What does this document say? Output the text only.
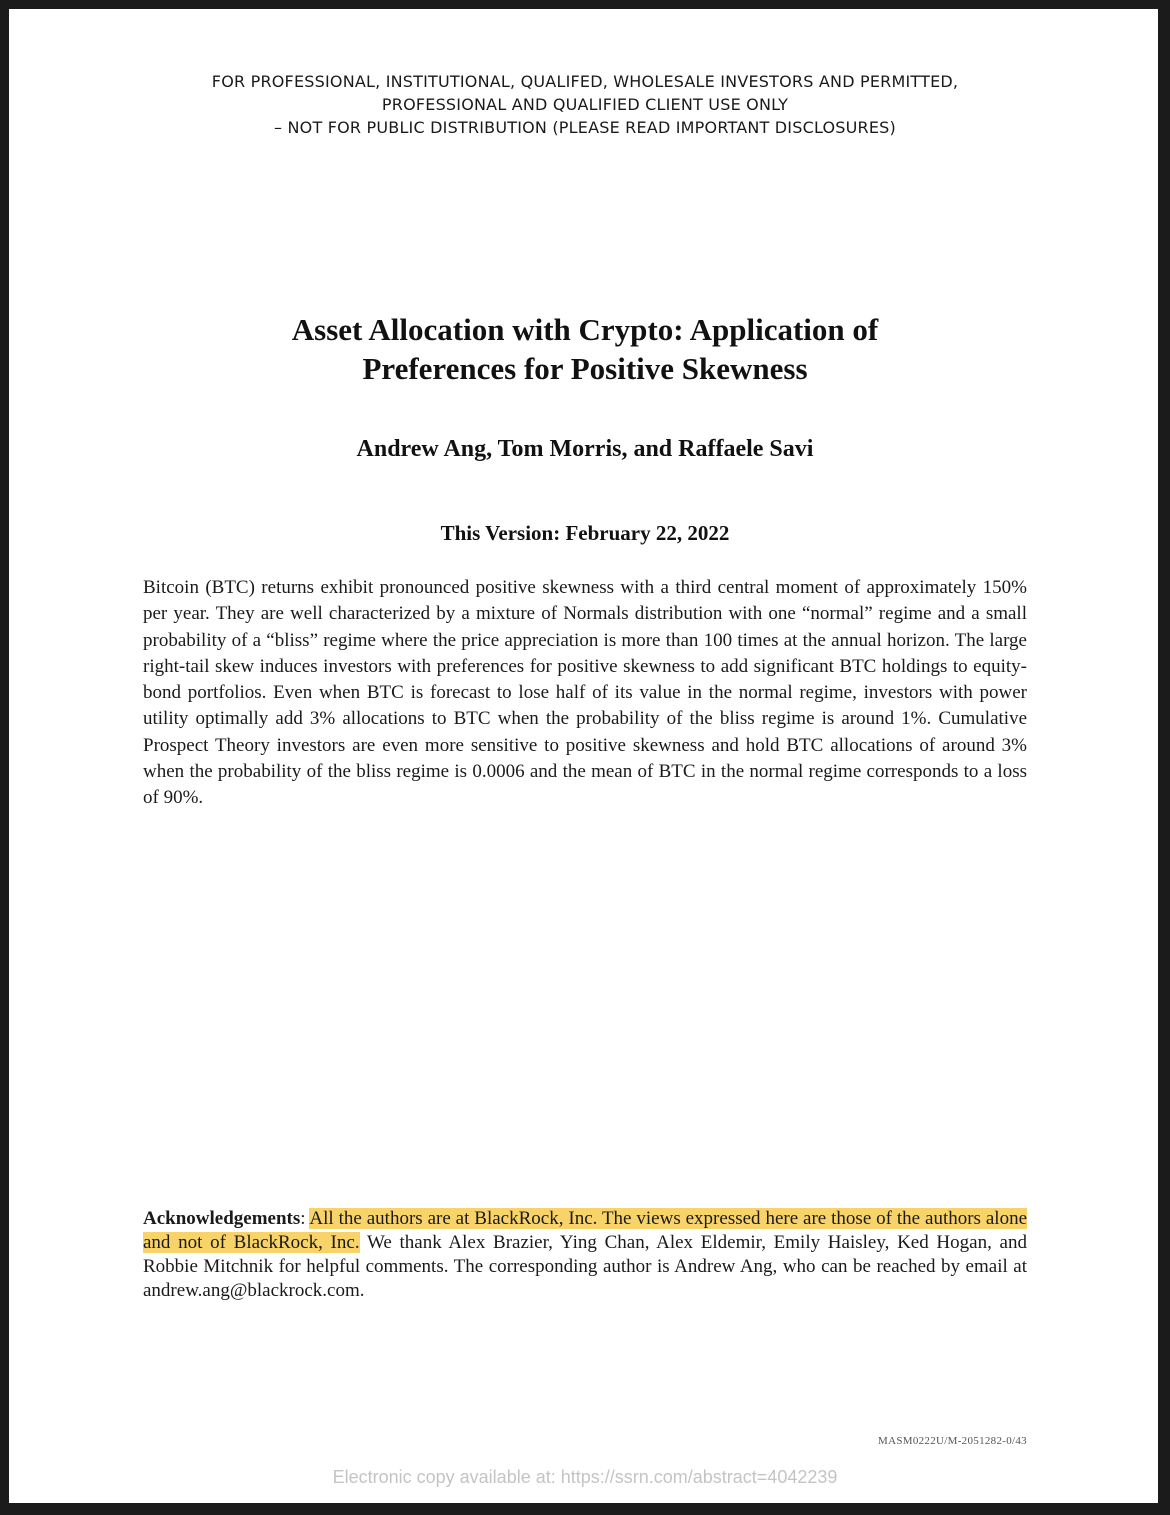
FOR PROFESSIONAL, INSTITUTIONAL, QUALIFED, WHOLESALE INVESTORS AND PERMITTED,
PROFESSIONAL AND QUALIFIED CLIENT USE ONLY
– NOT FOR PUBLIC DISTRIBUTION (PLEASE READ IMPORTANT DISCLOSURES)
Asset Allocation with Crypto: Application of
Preferences for Positive Skewness
Andrew Ang, Tom Morris, and Raffaele Savi
This Version: February 22, 2022
Bitcoin (BTC) returns exhibit pronounced positive skewness with a third central moment of approximately 150% per year. They are well characterized by a mixture of Normals distribution with one “normal” regime and a small probability of a “bliss” regime where the price appreciation is more than 100 times at the annual horizon. The large right-tail skew induces investors with preferences for positive skewness to add significant BTC holdings to equity-bond portfolios. Even when BTC is forecast to lose half of its value in the normal regime, investors with power utility optimally add 3% allocations to BTC when the probability of the bliss regime is around 1%. Cumulative Prospect Theory investors are even more sensitive to positive skewness and hold BTC allocations of around 3% when the probability of the bliss regime is 0.0006 and the mean of BTC in the normal regime corresponds to a loss of 90%.
Acknowledgements: All the authors are at BlackRock, Inc. The views expressed here are those of the authors alone and not of BlackRock, Inc. We thank Alex Brazier, Ying Chan, Alex Eldemir, Emily Haisley, Ked Hogan, and Robbie Mitchnik for helpful comments. The corresponding author is Andrew Ang, who can be reached by email at andrew.ang@blackrock.com.
MASM0222U/M-2051282-0/43
Electronic copy available at: https://ssrn.com/abstract=4042239
